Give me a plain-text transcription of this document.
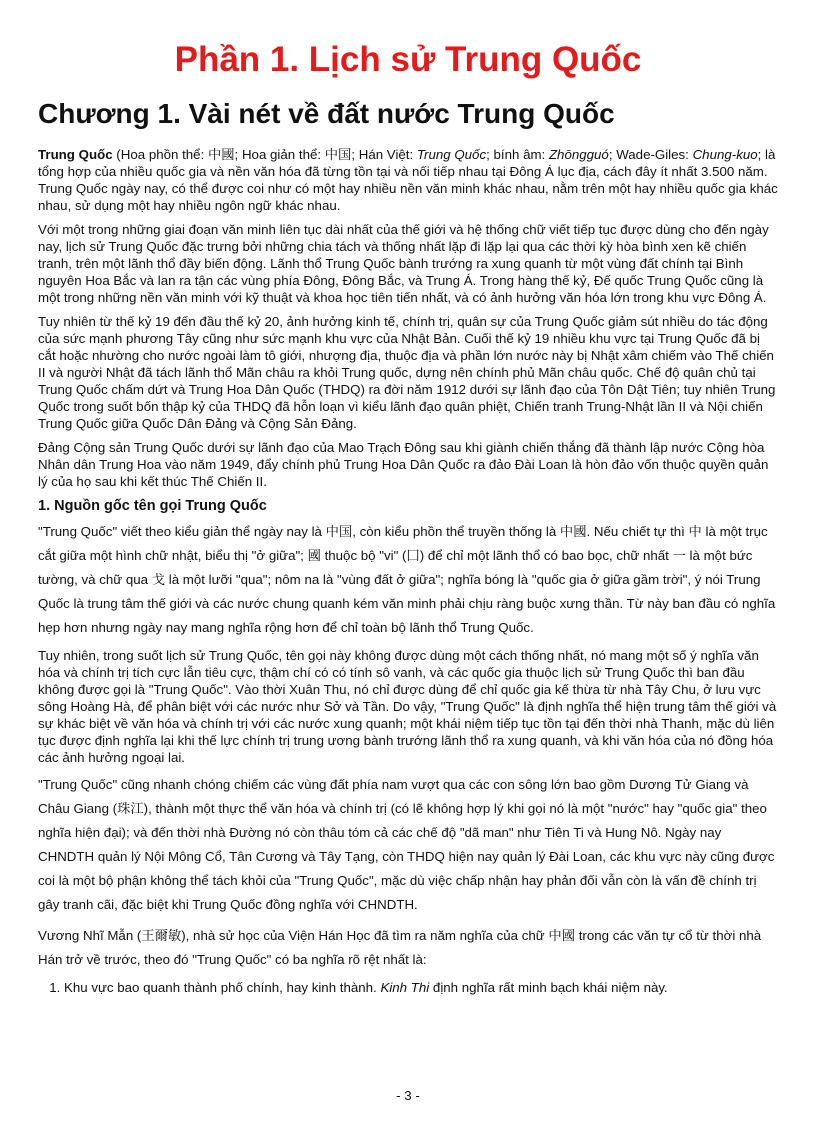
Phần 1. Lịch sử Trung Quốc
Chương 1. Vài nét về đất nước Trung Quốc

Trung Quốc (Hoa phồn thể: 中國; Hoa giản thể: 中国; Hán Việt: Trung Quốc; bính âm: Zhōngguó; Wade-Giles: Chung-kuo; là tổng hợp của nhiều quốc gia và nền văn hóa đã từng tồn tại và nối tiếp nhau tại Đông Á lục địa, cách đây ít nhất 3.500 năm. Trung Quốc ngày nay, có thể được coi như có một hay nhiều nền văn minh khác nhau, nằm trên một hay nhiều quốc gia khác nhau, sử dụng một hay nhiều ngôn ngữ khác nhau.

Với một trong những giai đoạn văn minh liên tục dài nhất của thế giới và hệ thống chữ viết tiếp tục được dùng cho đến ngày nay, lịch sử Trung Quốc đặc trưng bởi những chia tách và thống nhất lặp đi lặp lại qua các thời kỳ hòa bình xen kẽ chiến tranh, trên một lãnh thổ đầy biến động. Lãnh thổ Trung Quốc bành trướng ra xung quanh từ một vùng đất chính tại Bình nguyên Hoa Bắc và lan ra tận các vùng phía Đông, Đông Bắc, và Trung Á. Trong hàng thế kỷ, Đế quốc Trung Quốc cũng là một trong những nền văn minh với kỹ thuật và khoa học tiên tiến nhất, và có ảnh hưởng văn hóa lớn trong khu vực Đông Á.

Tuy nhiên từ thế kỷ 19 đến đầu thế kỷ 20, ảnh hưởng kinh tế, chính trị, quân sự của Trung Quốc giảm sút nhiều do tác động của sức mạnh phương Tây cũng như sức mạnh khu vực của Nhật Bản. Cuối thế kỷ 19 nhiều khu vực tại Trung Quốc đã bị cắt hoặc nhường cho nước ngoài làm tô giới, nhượng địa, thuộc địa và phần lớn nước này bị Nhật xâm chiếm vào Thế chiến II và người Nhật đã tách lãnh thổ Mãn châu ra khỏi Trung quốc, dựng nên chính phủ Mãn châu quốc. Chế độ quân chủ tại Trung Quốc chấm dứt và Trung Hoa Dân Quốc (THDQ) ra đời năm 1912 dưới sự lãnh đạo của Tôn Dật Tiên; tuy nhiên Trung Quốc trong suốt bốn thập kỷ của THDQ đã hỗn loạn vì kiểu lãnh đạo quân phiệt, Chiến tranh Trung-Nhật lần II và Nội chiến Trung Quốc giữa Quốc Dân Đảng và Cộng Sản Đảng.

Đảng Cộng sản Trung Quốc dưới sự lãnh đạo của Mao Trạch Đông sau khi giành chiến thắng đã thành lập nước Cộng hòa Nhân dân Trung Hoa vào năm 1949, đẩy chính phủ Trung Hoa Dân Quốc ra đảo Đài Loan là hòn đảo vốn thuộc quyền quản lý của họ sau khi kết thúc Thế Chiến II.

1. Nguồn gốc tên gọi Trung Quốc

"Trung Quốc" viết theo kiểu giản thể ngày nay là 中国, còn kiểu phồn thể truyền thống là 中國. Nếu chiết tự thì 中 là một trục cắt giữa một hình chữ nhật, biểu thị "ở giữa"; 國 thuộc bộ "vi" (囗) để chỉ một lãnh thổ có bao bọc, chữ nhất 一 là một bức tường, và chữ qua 戈 là một lưỡi "qua"; nôm na là "vùng đất ở giữa"; nghĩa bóng là "quốc gia ở giữa gầm trời", ý nói Trung Quốc là trung tâm thế giới và các nước chung quanh kém văn minh phải chịu ràng buộc xưng thần. Từ này ban đầu có nghĩa hẹp hơn nhưng ngày nay mang nghĩa rộng hơn để chỉ toàn bộ lãnh thổ Trung Quốc.

Tuy nhiên, trong suốt lịch sử Trung Quốc, tên gọi này không được dùng một cách thống nhất, nó mang một số ý nghĩa văn hóa và chính trị tích cực lẫn tiêu cực, thậm chí có có tính sô vanh, và các quốc gia thuộc lịch sử Trung Quốc thì ban đầu không được gọi là "Trung Quốc". Vào thời Xuân Thu, nó chỉ được dùng để chỉ quốc gia kế thừa từ nhà Tây Chu, ở lưu vực sông Hoàng Hà, để phân biệt với các nước như Sở và Tần. Do vậy, "Trung Quốc" là định nghĩa thể hiện trung tâm thế giới và sự khác biệt về văn hóa và chính trị với các nước xung quanh; một khái niệm tiếp tục tồn tại đến thời nhà Thanh, mặc dù liên tục được định nghĩa lại khi thế lực chính trị trung ương bành trướng lãnh thổ ra xung quanh, và khi văn hóa của nó đồng hóa các ảnh hưởng ngoại lai.

"Trung Quốc" cũng nhanh chóng chiếm các vùng đất phía nam vượt qua các con sông lớn bao gồm Dương Tử Giang và Châu Giang (珠江), thành một thực thể văn hóa và chính trị (có lẽ không hợp lý khi gọi nó là một "nước" hay "quốc gia" theo nghĩa hiện đại); và đến thời nhà Đường nó còn thâu tóm cả các chế độ "dã man" như Tiên Ti và Hung Nô. Ngày nay CHNDTH quản lý Nội Mông Cổ, Tân Cương và Tây Tạng, còn THDQ hiện nay quản lý Đài Loan, các khu vực này cũng được coi là một bộ phận không thể tách khỏi của "Trung Quốc", mặc dù việc chấp nhận hay phản đối vẫn còn là vấn đề chính trị gây tranh cãi, đặc biệt khi Trung Quốc đồng nghĩa với CHNDTH.

Vương Nhĩ Mẫn (王爾敏), nhà sử học của Viện Hán Học đã tìm ra năm nghĩa của chữ 中國 trong các văn tự cổ từ thời nhà Hán trở về trước, theo đó "Trung Quốc" có ba nghĩa rõ rệt nhất là:

1. Khu vực bao quanh thành phố chính, hay kinh thành. Kinh Thi định nghĩa rất minh bạch khái niệm này.
- 3 -
